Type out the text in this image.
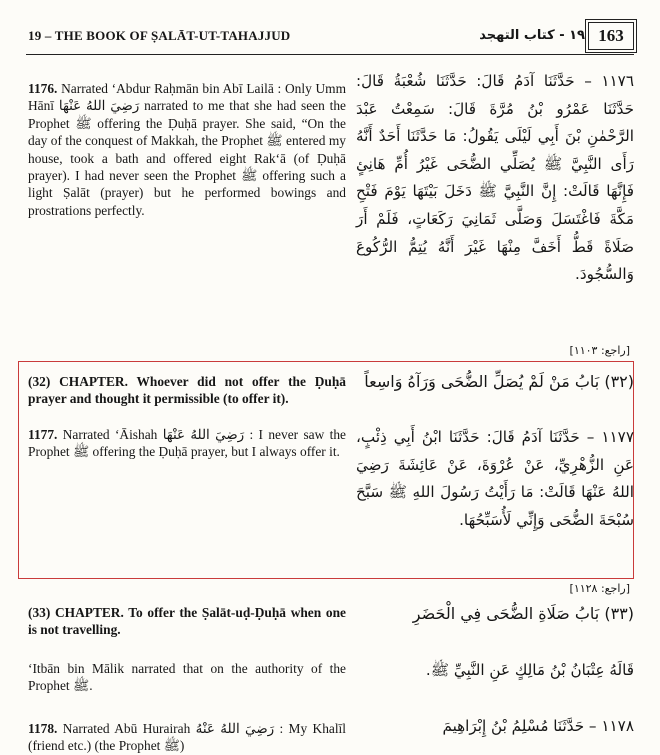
19 – THE BOOK OF ṢALĀT-UT-TAHAJJUD	١٩ - كتاب التهجد 163

1176. Narrated ‘Abdur Raḥmān bin Abī Lailā : Only Umm Hānī رَضِيَ اللهُ عَنْهَا narrated to me that she had seen the Prophet ﷺ offering the Ḍuḥā prayer. She said, “On the day of the conquest of Makkah, the Prophet ﷺ entered my house, took a bath and offered eight Rak‘ā (of Ḍuḥā prayer). I had never seen the Prophet ﷺ offering such a light Ṣalāt (prayer) but he performed bowings and prostrations perfectly.

١١٧٦ – حَدَّثَنَا آدَمُ قَالَ: حَدَّثَنَا شُعْبَةُ قَالَ: حَدَّثَنَا عَمْرُو بْنُ مُرَّةَ قَالَ: سَمِعْتُ عَبْدَ الرَّحْمٰنِ بْنَ أَبِي لَيْلَى يَقُولُ: مَا حَدَّثَنَا أَحَدٌ أَنَّهُ رَأَى النَّبِيَّ ﷺ يُصَلِّي الضُّحَى غَيْرُ أُمِّ هَانِئٍ فَإِنَّهَا قَالَتْ: إِنَّ النَّبِيَّ ﷺ دَخَلَ بَيْتَهَا يَوْمَ فَتْحِ مَكَّةَ فَاغْتَسَلَ وَصَلَّى ثَمَانِيَ رَكَعَاتٍ، فَلَمْ أَرَ صَلَاةً قَطُّ أَخَفَّ مِنْهَا غَيْرَ أَنَّهُ يُتِمُّ الرُّكُوعَ وَالسُّجُودَ.

[راجع: ١١٠٣]

(32) CHAPTER. Whoever did not offer the Ḍuḥā prayer and thought it permissible (to offer it).

1177. Narrated ‘Āishah رَضِيَ اللهُ عَنْهَا : I never saw the Prophet ﷺ offering the Ḍuḥā prayer, but I always offer it.

(٣٢) بَابُ مَنْ لَمْ يُصَلِّ الضُّحَى وَرَآهُ وَاسِعاً

١١٧٧ – حَدَّثَنَا آدَمُ قَالَ: حَدَّثَنَا ابْنُ أَبِي ذِئْبٍ، عَنِ الزُّهْرِيِّ، عَنْ عُرْوَةَ، عَنْ عَائِشَةَ رَضِيَ اللهُ عَنْهَا قَالَتْ: مَا رَأَيْتُ رَسُولَ اللهِ ﷺ سَبَّحَ سُبْحَةَ الضُّحَى وَإِنِّي لَأُسَبِّحُهَا.

[راجع: ١١٢٨]

(33) CHAPTER. To offer the Ṣalāt-uḍ-Ḍuḥā when one is not travelling.

(٣٣) بَابُ صَلَاةِ الضُّحَى فِي الْحَضَرِ

‘Itbān bin Mālik narrated that on the authority of the Prophet ﷺ.

قَالَهُ عِتْبَانُ بْنُ مَالِكٍ عَنِ النَّبِيِّ ﷺ.

1178. Narrated Abū Hurairah رَضِيَ اللهُ عَنْهُ : My Khalīl (friend etc.) (the Prophet ﷺ)

١١٧٨ – حَدَّثَنَا مُسْلِمُ بْنُ إِبْرَاهِيمَ
